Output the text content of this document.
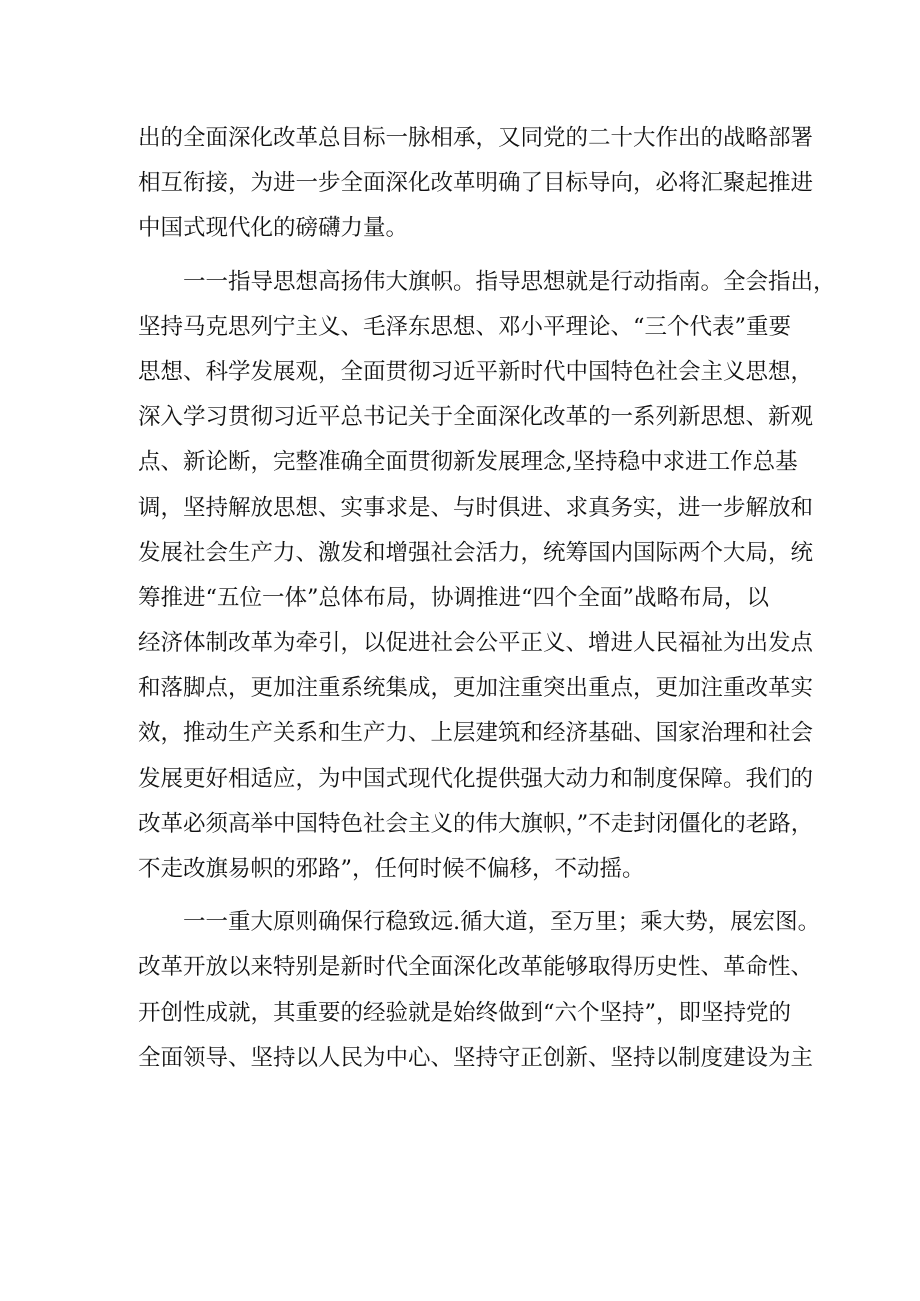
出的全面深化改革总目标一脉相承，又同党的二十大作出的战略部署
相互衔接，为进一步全面深化改革明确了目标导向，必将汇聚起推进
中国式现代化的磅礴力量。
一一指导思想高扬伟大旗帜。指导思想就是行动指南。全会指出，
坚持马克思列宁主义、毛泽东思想、邓小平理论、“三个代表”重要
思想、科学发展观，全面贯彻习近平新时代中国特色社会主义思想，
深入学习贯彻习近平总书记关于全面深化改革的一系列新思想、新观
点、新论断，完整准确全面贯彻新发展理念,坚持稳中求进工作总基
调，坚持解放思想、实事求是、与时俱进、求真务实，进一步解放和
发展社会生产力、激发和增强社会活力，统筹国内国际两个大局，统
筹推进“五位一体”总体布局，协调推进“四个全面”战略布局，以
经济体制改革为牵引，以促进社会公平正义、增进人民福祉为出发点
和落脚点，更加注重系统集成，更加注重突出重点，更加注重改革实
效，推动生产关系和生产力、上层建筑和经济基础、国家治理和社会
发展更好相适应，为中国式现代化提供强大动力和制度保障。我们的
改革必须高举中国特色社会主义的伟大旗帜，”不走封闭僵化的老路，
不走改旗易帜的邪路”，任何时候不偏移，不动摇。
一一重大原则确保行稳致远.循大道，至万里；乘大势，展宏图。
改革开放以来特别是新时代全面深化改革能够取得历史性、革命性、
开创性成就，其重要的经验就是始终做到“六个坚持”，即坚持党的
全面领导、坚持以人民为中心、坚持守正创新、坚持以制度建设为主
